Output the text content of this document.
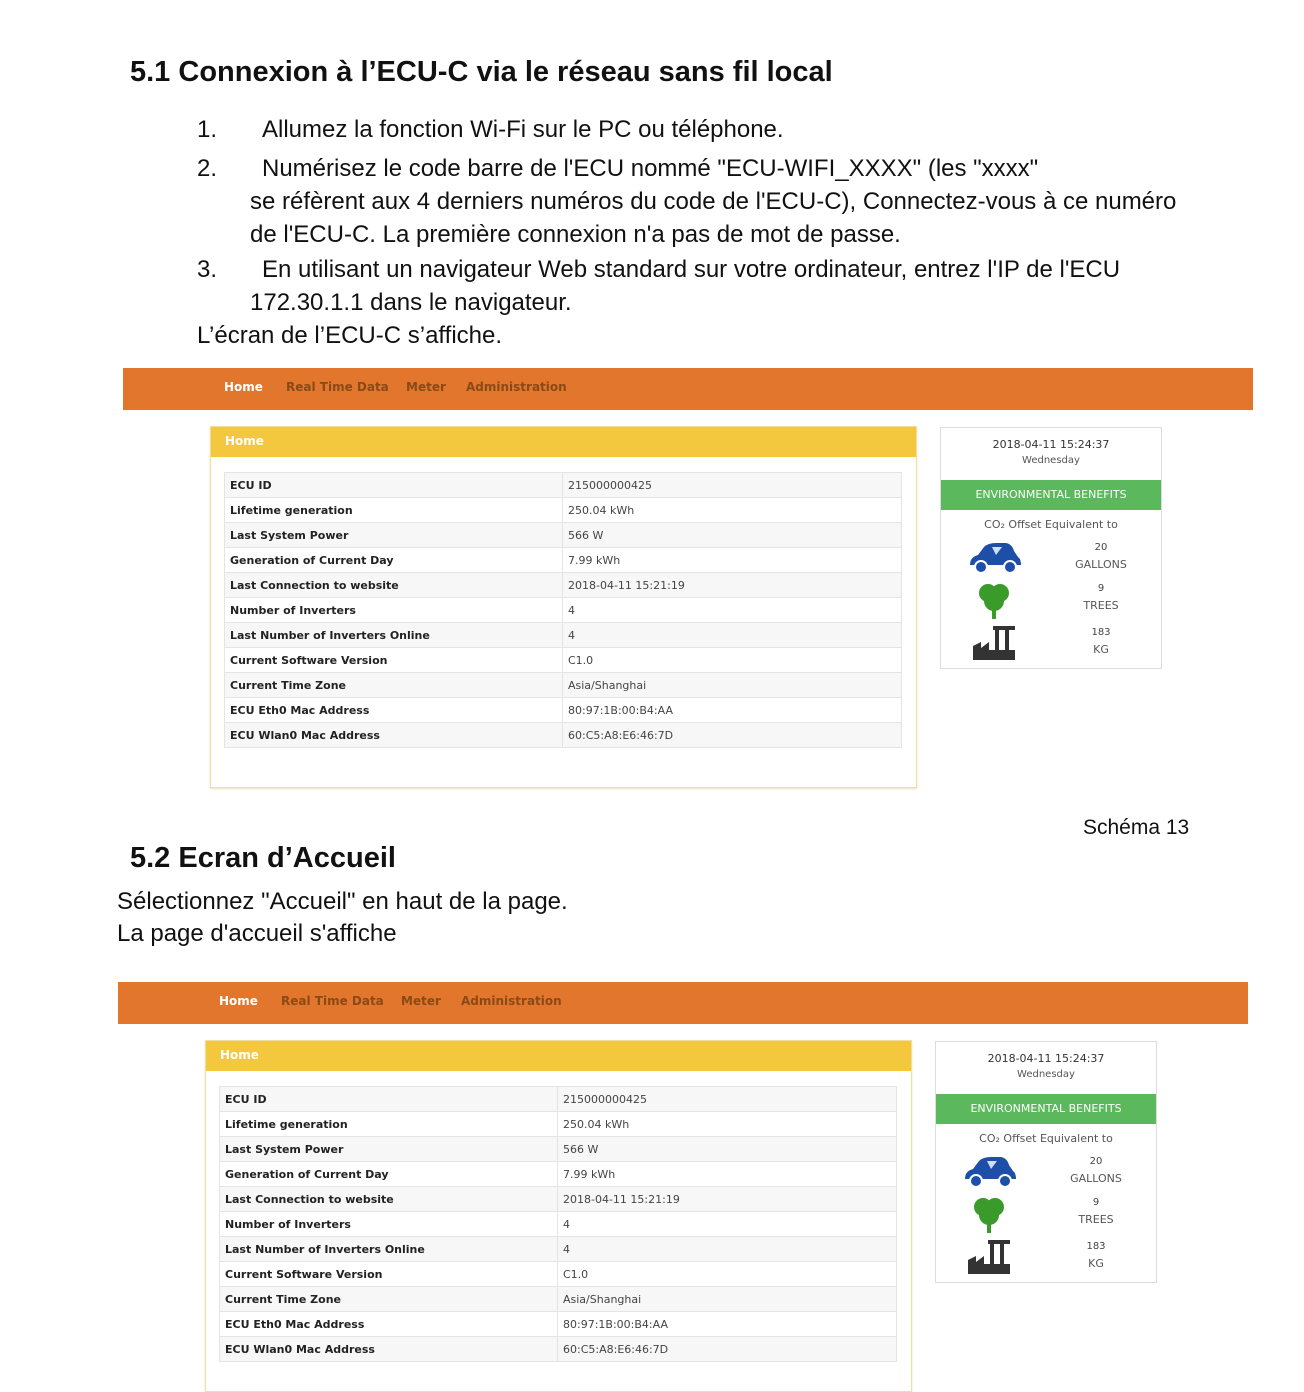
5.1 Connexion à l’ECU-C via le réseau sans fil local
1. Allumez la fonction Wi-Fi sur le PC ou téléphone.

2. Numérisez le code barre de l'ECU nommé "ECU-WIFI_XXXX" (les "xxxx"

se réfèrent aux 4 derniers numéros du code de l'ECU-C), Connectez-vous à ce numéro

de l'ECU-C. La première connexion n'a pas de mot de passe.

3. En utilisant un navigateur Web standard sur votre ordinateur, entrez l'IP de l'ECU

172.30.1.1 dans le navigateur.

L’écran de l’ECU-C s’affiche.

Home Real Time Data Meter Administration
Home
ECU ID	215000000425
Lifetime generation	250.04 kWh
Last System Power	566 W
Generation of Current Day	7.99 kWh
Last Connection to website	2018-04-11 15:21:19
Number of Inverters	4
Last Number of Inverters Online	4
Current Software Version	C1.0
Current Time Zone	Asia/Shanghai
ECU Eth0 Mac Address	80:97:1B:00:B4:AA
ECU Wlan0 Mac Address	60:C5:A8:E6:46:7D
2018-04-11 15:24:37
Wednesday
ENVIRONMENTAL BENEFITS
CO₂ Offset Equivalent to
20
GALLONS
9
TREES
183
KG
Schéma 13
5.2 Ecran d’Accueil

Sélectionnez "Accueil" en haut de la page.

La page d'accueil s'affiche

Home Real Time Data Meter Administration
Home
ECU ID	215000000425
Lifetime generation	250.04 kWh
Last System Power	566 W
Generation of Current Day	7.99 kWh
Last Connection to website	2018-04-11 15:21:19
Number of Inverters	4
Last Number of Inverters Online	4
Current Software Version	C1.0
Current Time Zone	Asia/Shanghai
ECU Eth0 Mac Address	80:97:1B:00:B4:AA
ECU Wlan0 Mac Address	60:C5:A8:E6:46:7D
2018-04-11 15:24:37
Wednesday
ENVIRONMENTAL BENEFITS
CO₂ Offset Equivalent to
20
GALLONS
9
TREES
183
KG
